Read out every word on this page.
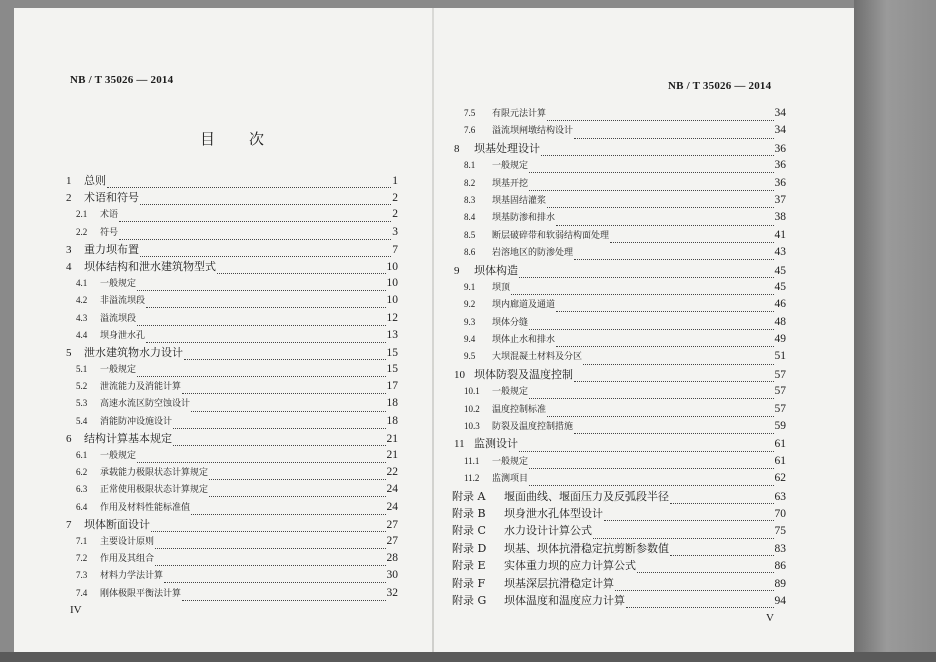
NB / T 35026 — 2014	NB / T 35026 — 2014
目次
1	总则	1
2	术语和符号	2
2.1	术语	2
2.2	符号	3
3	重力坝布置	7
4	坝体结构和泄水建筑物型式	10
4.1	一般规定	10
4.2	非溢流坝段	10
4.3	溢流坝段	12
4.4	坝身泄水孔	13
5	泄水建筑物水力设计	15
5.1	一般规定	15
5.2	泄流能力及消能计算	17
5.3	高速水流区防空蚀设计	18
5.4	消能防冲设施设计	18
6	结构计算基本规定	21
6.1	一般规定	21
6.2	承载能力极限状态计算规定	22
6.3	正常使用极限状态计算规定	24
6.4	作用及材料性能标准值	24
7	坝体断面设计	27
7.1	主要设计原则	27
7.2	作用及其组合	28
7.3	材料力学法计算	30
7.4	刚体极限平衡法计算	32
7.5	有限元法计算	34
7.6	溢流坝闸墩结构设计	34
8	坝基处理设计	36
8.1	一般规定	36
8.2	坝基开挖	36
8.3	坝基固结灌浆	37
8.4	坝基防渗和排水	38
8.5	断层破碎带和软弱结构面处理	41
8.6	岩溶地区的防渗处理	43
9	坝体构造	45
9.1	坝顶	45
9.2	坝内廊道及通道	46
9.3	坝体分缝	48
9.4	坝体止水和排水	49
9.5	大坝混凝土材料及分区	51
10 坝体防裂及温度控制	57
10.1	一般规定	57
10.2	温度控制标准	57
10.3	防裂及温度控制措施	59
11 监测设计	61
11.1	一般规定	61
11.2	监测项目	62
附录 A	堰面曲线、堰面压力及反弧段半径	63
附录 B	坝身泄水孔体型设计	70
附录 C	水力设计计算公式	75
附录 D	坝基、坝体抗滑稳定抗剪断参数值	83
附录 E	实体重力坝的应力计算公式	86
附录 F	坝基深层抗滑稳定计算	89
附录 G	坝体温度和温度应力计算	94
IV
V
